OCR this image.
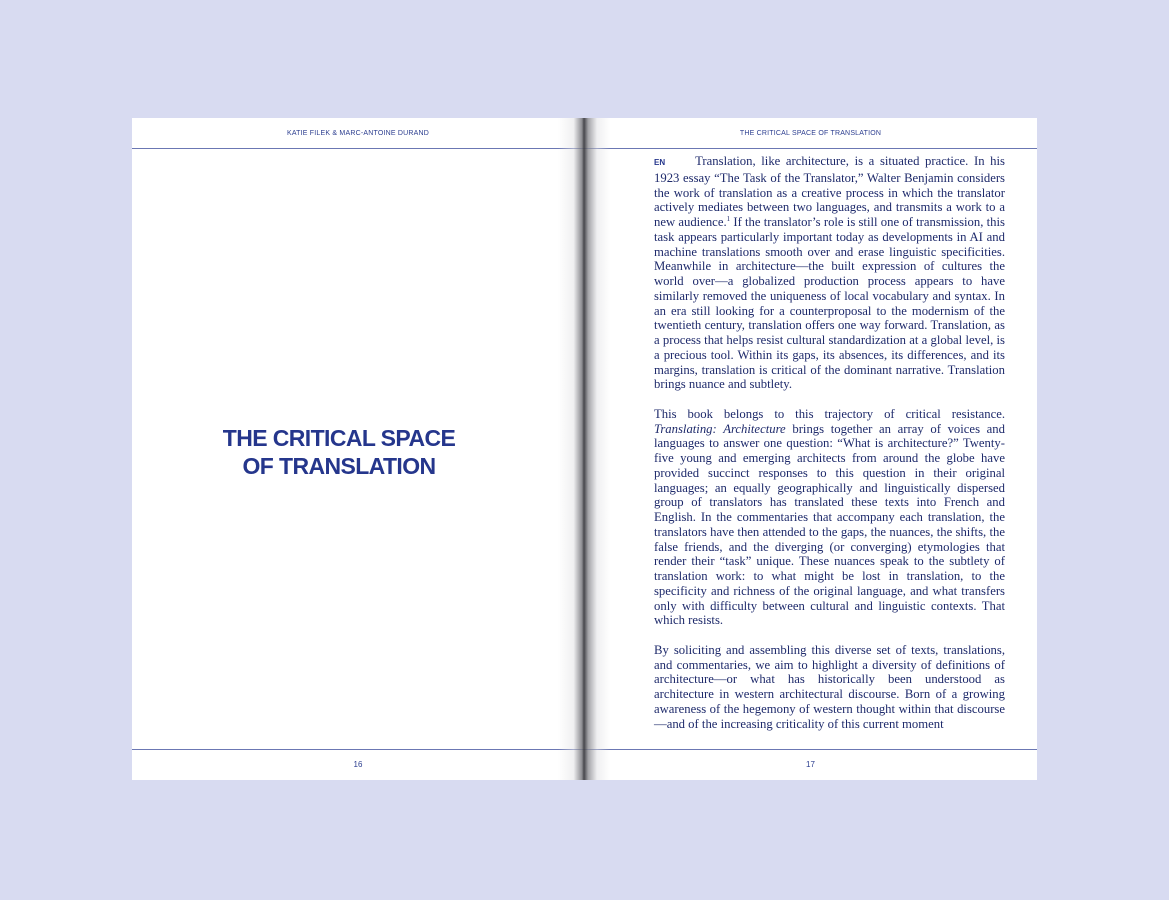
KATIE FILEK & MARC-ANTOINE DURAND
THE CRITICAL SPACE
OF TRANSLATION
16
THE CRITICAL SPACE OF TRANSLATION

EN Translation, like architecture, is a situated practice. In his 1923 essay “The Task of the Translator,” Walter Benjamin considers the work of translation as a creative process in which the translator actively mediates between two languages, and transmits a work to a new audience.$^1$ If the translator’s role is still one of transmission, this task appears particularly important today as developments in AI and machine translations smooth over and erase linguistic specificities. Meanwhile in architecture—the built expression of cultures the world over—a globalized production process appears to have similarly removed the uniqueness of local vocabulary and syntax. In an era still looking for a counterproposal to the modernism of the twentieth century, translation offers one way forward. Translation, as a process that helps resist cultural standardization at a global level, is a precious tool. Within its gaps, its absences, its differences, and its margins, translation is critical of the dominant narrative. Translation brings nuance and subtlety.

This book belongs to this trajectory of critical resistance. Translating: Architecture brings together an array of voices and languages to answer one question: “What is architecture?” Twenty-five young and emerging architects from around the globe have provided succinct responses to this question in their original languages; an equally geographically and linguistically dispersed group of translators has translated these texts into French and English. In the commentaries that accompany each translation, the translators have then attended to the gaps, the nuances, the shifts, the false friends, and the diverging (or converging) etymologies that render their “task” unique. These nuances speak to the subtlety of translation work: to what might be lost in translation, to the specificity and richness of the original language, and what transfers only with difficulty between cultural and linguistic contexts. That which resists.

By soliciting and assembling this diverse set of texts, translations, and commentaries, we aim to highlight a diversity of definitions of architecture—or what has historically been understood as architecture in western architectural discourse. Born of a growing awareness of the hegemony of western thought within that discourse—and of the increasing criticality of this current moment

17
